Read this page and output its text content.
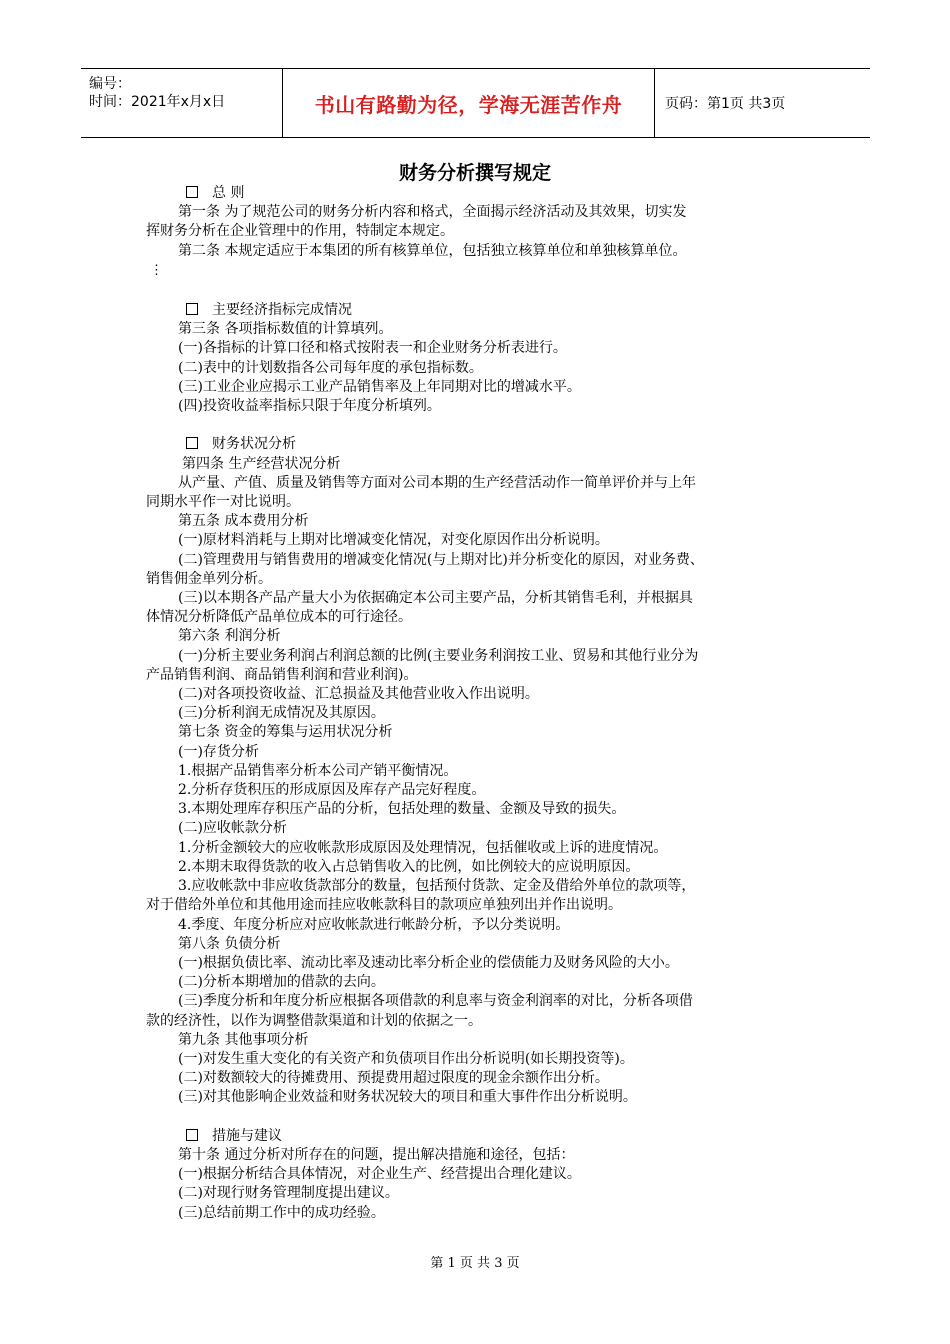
编号：
时间：2021年x月x日	书山有路勤为径，学海无涯苦作舟	页码：第1页 共3页
财务分析撰写规定

总 则

第一条 为了规范公司的财务分析内容和格式，全面揭示经济活动及其效果，切实发

挥财务分析在企业管理中的作用，特制定本规定。

第二条 本规定适应于本集团的所有核算单位，包括独立核算单位和单独核算单位。

⋮

主要经济指标完成情况

第三条 各项指标数值的计算填列。

(一)各指标的计算口径和格式按附表一和企业财务分析表进行。

(二)表中的计划数指各公司每年度的承包指标数。

(三)工业企业应揭示工业产品销售率及上年同期对比的增减水平。

(四)投资收益率指标只限于年度分析填列。

财务状况分析

第四条 生产经营状况分析

从产量、产值、质量及销售等方面对公司本期的生产经营活动作一简单评价并与上年

同期水平作一对比说明。

第五条 成本费用分析

(一)原材料消耗与上期对比增减变化情况，对变化原因作出分析说明。

(二)管理费用与销售费用的增减变化情况(与上期对比)并分析变化的原因，对业务费、

销售佣金单列分析。

(三)以本期各产品产量大小为依据确定本公司主要产品，分析其销售毛利，并根据具

体情况分析降低产品单位成本的可行途径。

第六条 利润分析

(一)分析主要业务利润占利润总额的比例(主要业务利润按工业、贸易和其他行业分为

产品销售利润、商品销售利润和营业利润)。

(二)对各项投资收益、汇总损益及其他营业收入作出说明。

(三)分析利润无成情况及其原因。

第七条 资金的筹集与运用状况分析

(一)存货分析

1.根据产品销售率分析本公司产销平衡情况。

2.分析存货积压的形成原因及库存产品完好程度。

3.本期处理库存积压产品的分析，包括处理的数量、金额及导致的损失。

(二)应收帐款分析

1.分析金额较大的应收帐款形成原因及处理情况，包括催收或上诉的进度情况。

2.本期末取得货款的收入占总销售收入的比例，如比例较大的应说明原因。

3.应收帐款中非应收货款部分的数量，包括预付货款、定金及借给外单位的款项等，

对于借给外单位和其他用途而挂应收帐款科目的款项应单独列出并作出说明。

4.季度、年度分析应对应收帐款进行帐龄分析，予以分类说明。

第八条 负债分析

(一)根据负债比率、流动比率及速动比率分析企业的偿债能力及财务风险的大小。

(二)分析本期增加的借款的去向。

(三)季度分析和年度分析应根据各项借款的利息率与资金利润率的对比，分析各项借

款的经济性，以作为调整借款渠道和计划的依据之一。

第九条 其他事项分析

(一)对发生重大变化的有关资产和负债项目作出分析说明(如长期投资等)。

(二)对数额较大的待摊费用、预提费用超过限度的现金余额作出分析。

(三)对其他影响企业效益和财务状况较大的项目和重大事件作出分析说明。

措施与建议

第十条 通过分析对所存在的问题，提出解决措施和途径，包括：

(一)根据分析结合具体情况，对企业生产、经营提出合理化建议。

(二)对现行财务管理制度提出建议。

(三)总结前期工作中的成功经验。

第 1 页 共 3 页
